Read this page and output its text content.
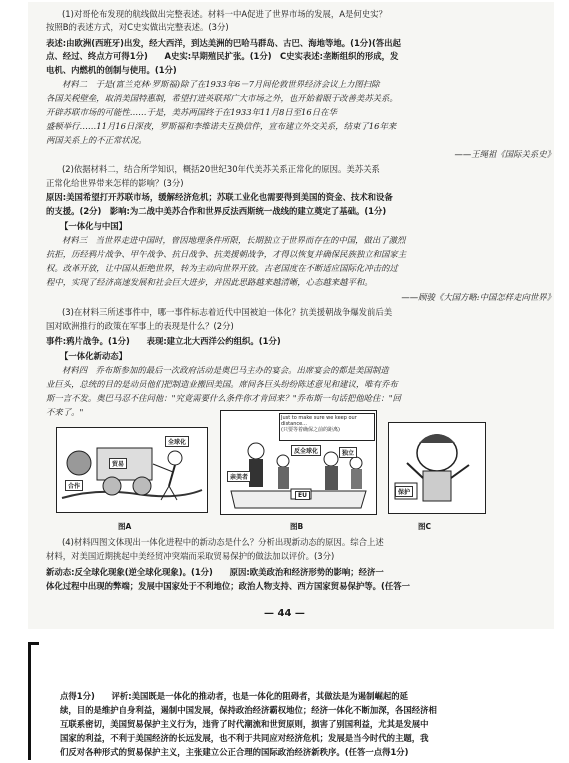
(1)对哥伦布发现的航线做出完整表述。材料一中A促进了世界市场的发展，A是何史实？
按照B的表述方式，对C史实做出完整表述。(3分)
表述:由欧洲(西班牙)出发，经大西洋，到达美洲的巴哈马群岛、古巴、海地等地。(1分)(答出起
点、经过、终点方可得1分)　　A史实:早期殖民扩张。(1分)　C史实表述:垄断组织的形成，发
电机、内燃机的创制与使用。(1分)
材料二　于是(富兰克林·罗斯福)除了在1933年6－7月间伦敦世界经济会议上力图扫除
各国关税壁垒，取消美国特惠制，希望打进英联邦广大市场之外，也开始着眼于改善美苏关系。
开辟苏联市场的可能性……于是，美苏两国终于在1933年11月8日至16日在华
盛顿举行……11月16日深夜，罗斯福和李维诺夫互换信件，宣布建立外交关系，结束了16年来
两国关系上的不正常状况。
——王绳祖《国际关系史》
(2)依据材料二，结合所学知识，概括20世纪30年代美苏关系正常化的原因。美苏关系
正常化给世界带来怎样的影响？(3分)
原因:美国希望打开苏联市场，缓解经济危机；苏联工业化也需要得到美国的资金、技术和设备
的支援。(2分)　影响:为二战中美苏合作和世界反法西斯统一战线的建立奠定了基础。(1分)
【一体化与中国】
材料三　当世界走进中国时，曾因地理条件所限，长期独立于世界而存在的中国，做出了激烈
抗拒，历经鸦片战争、甲午战争、抗日战争、抗美援朝战争，才得以恢复并确保民族独立和国家主
权。改革开放，让中国从拒绝世界，转为主动向世界开放。古老国度在不断适应国际化冲击的过
程中，实现了经济高速发展和社会巨大进步，并因此思路越来越清晰，心态越来越平和。
——顾骏《大国方略:中国怎样走向世界》
(3)在材料三所述事件中，哪一事件标志着近代中国被迫一体化？抗美援朝战争爆发前后美
国对欧洲推行的政策在军事上的表现是什么？(2分)
事件:鸦片战争。(1分)　　表现:建立北大西洋公约组织。(1分)
【一体化新动态】
材料四　乔布斯参加的最后一次政府活动是奥巴马主办的宴会。出席宴会的都是美国制造
业巨头，总统的目的是动员他们把制造业搬回美国。席间各巨头纷纷陈述意见和建议，唯有乔布
斯一言不发。奥巴马忍不住问他："究竟需要什么条件你才肯回来？"乔布斯一句话把他呛住："回
不来了。"
(4)材料四图文体现出一体化进程中的新动态是什么？分析出现新动态的原因。综合上述
材料，对美国近期挑起中美经贸冲突端而采取贸易保护的做法加以评价。(3分)
新动态:反全球化现象(逆全球化现象)。(1分)　　原因:欧美政治和经济形势的影响；经济一
体化过程中出现的弊端；发展中国家处于不利地位；政治人物支持、西方国家贸易保护等。(任答一
贸易
合作
全球化
图A
Just to make sure we keep our distance...
(只要等着确保之前的距离)
亲美者
反全球化
EU
独立
图B
保护
图C
— 44 —
点得1分)　　评析:美国既是一体化的推动者，也是一体化的阻碍者，其做法是为遏制崛起的延
续，目的是维护自身利益，遏制中国发展，保持政治经济霸权地位；经济一体化不断加深，各国经济相
互联系密切，美国贸易保护主义行为，违背了时代潮流和世贸原则，损害了别国利益，尤其是发展中
国家的利益，不利于美国经济的长远发展，也不利于共同应对经济危机；发展是当今时代的主题，我
们反对各种形式的贸易保护主义，主张建立公正合理的国际政治经济新秩序。(任答一点得1分)
